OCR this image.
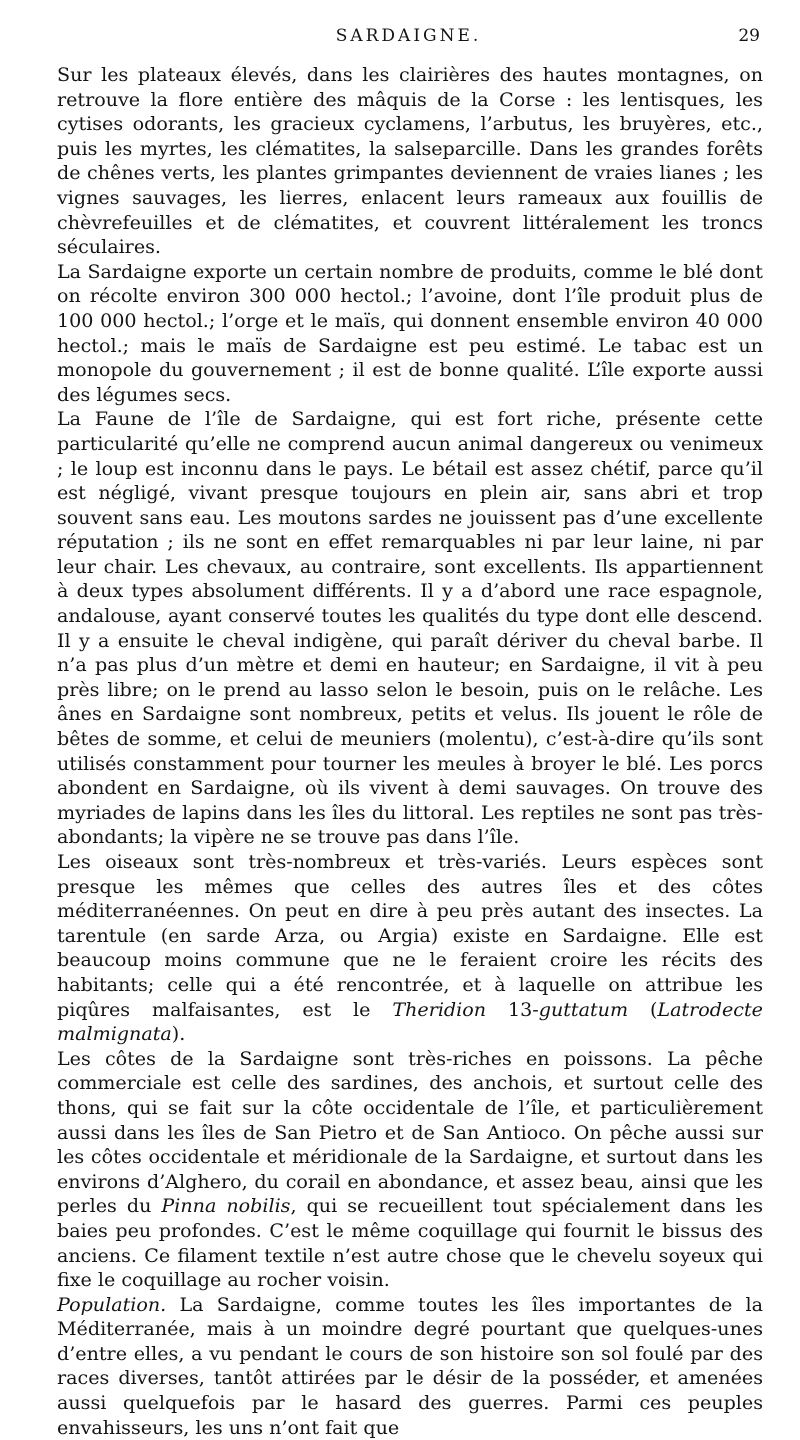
SARDAIGNE.	29

Sur les plateaux élevés, dans les clairières des hautes montagnes, on retrouve la flore entière des mâquis de la Corse : les lentisques, les cytises odorants, les gracieux cyclamens, l’arbutus, les bruyères, etc., puis les myrtes, les clématites, la salseparcille. Dans les grandes forêts de chênes verts, les plantes grimpantes deviennent de vraies lianes ; les vignes sauvages, les lierres, enlacent leurs rameaux aux fouillis de chèvrefeuilles et de clématites, et couvrent littéralement les troncs séculaires.

La Sardaigne exporte un certain nombre de produits, comme le blé dont on récolte environ 300 000 hectol.; l’avoine, dont l’île produit plus de 100 000 hectol.; l’orge et le maïs, qui donnent ensemble environ 40 000 hectol.; mais le maïs de Sardaigne est peu estimé. Le tabac est un monopole du gouvernement ; il est de bonne qualité. L’île exporte aussi des légumes secs.

La Faune de l’île de Sardaigne, qui est fort riche, présente cette particularité qu’elle ne comprend aucun animal dangereux ou venimeux ; le loup est inconnu dans le pays. Le bétail est assez chétif, parce qu’il est négligé, vivant presque toujours en plein air, sans abri et trop souvent sans eau. Les moutons sardes ne jouissent pas d’une excellente réputation ; ils ne sont en effet remarquables ni par leur laine, ni par leur chair. Les chevaux, au contraire, sont excellents. Ils appartiennent à deux types absolument différents. Il y a d’abord une race espagnole, andalouse, ayant conservé toutes les qualités du type dont elle descend. Il y a ensuite le cheval indigène, qui paraît dériver du cheval barbe. Il n’a pas plus d’un mètre et demi en hauteur; en Sardaigne, il vit à peu près libre; on le prend au lasso selon le besoin, puis on le relâche. Les ânes en Sardaigne sont nombreux, petits et velus. Ils jouent le rôle de bêtes de somme, et celui de meuniers (molentu), c’est-à-dire qu’ils sont utilisés constamment pour tourner les meules à broyer le blé. Les porcs abondent en Sardaigne, où ils vivent à demi sauvages. On trouve des myriades de lapins dans les îles du littoral. Les reptiles ne sont pas très-abondants; la vipère ne se trouve pas dans l’île.

Les oiseaux sont très-nombreux et très-variés. Leurs espèces sont presque les mêmes que celles des autres îles et des côtes méditerranéennes. On peut en dire à peu près autant des insectes. La tarentule (en sarde Arza, ou Argia) existe en Sardaigne. Elle est beaucoup moins commune que ne le feraient croire les récits des habitants; celle qui a été rencontrée, et à laquelle on attribue les piqûres malfaisantes, est le Theridion 13-guttatum (Latrodecte malmignata).

Les côtes de la Sardaigne sont très-riches en poissons. La pêche commerciale est celle des sardines, des anchois, et surtout celle des thons, qui se fait sur la côte occidentale de l’île, et particulièrement aussi dans les îles de San Pietro et de San Antioco. On pêche aussi sur les côtes occidentale et méridionale de la Sardaigne, et surtout dans les environs d’Alghero, du corail en abondance, et assez beau, ainsi que les perles du Pinna nobilis, qui se recueillent tout spécialement dans les baies peu profondes. C’est le même coquillage qui fournit le bissus des anciens. Ce filament textile n’est autre chose que le chevelu soyeux qui fixe le coquillage au rocher voisin.

Population. La Sardaigne, comme toutes les îles importantes de la Méditerranée, mais à un moindre degré pourtant que quelques-unes d’entre elles, a vu pendant le cours de son histoire son sol foulé par des races diverses, tantôt attirées par le désir de la posséder, et amenées aussi quelquefois par le hasard des guerres. Parmi ces peuples envahisseurs, les uns n’ont fait que
